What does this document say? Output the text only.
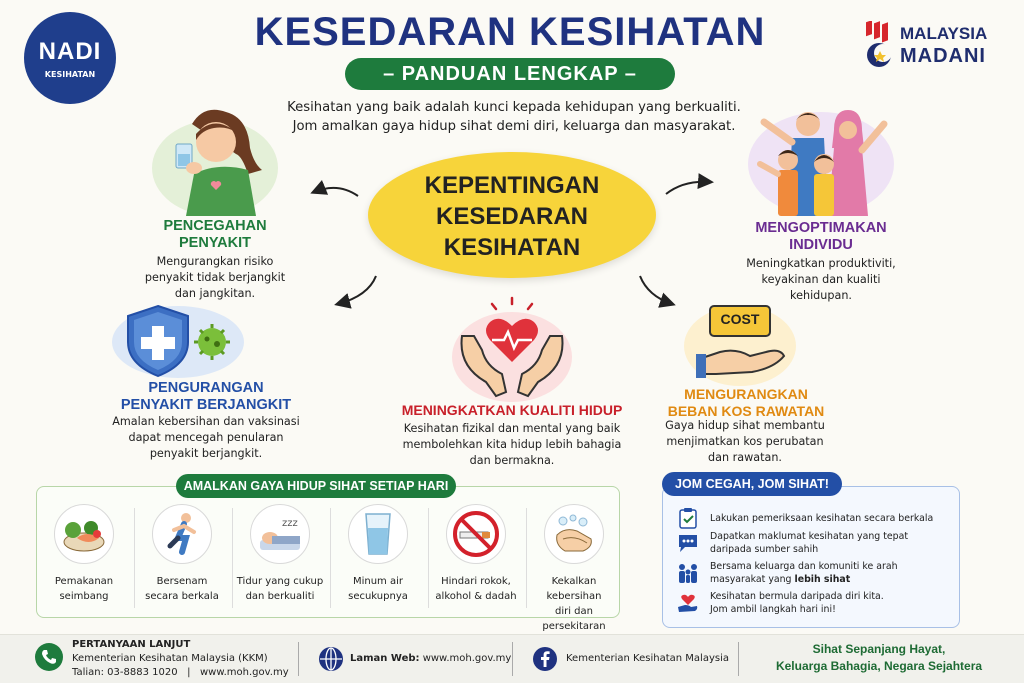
NADI
KESIHATAN
KESEDARAN KESIHATAN
– PANDUAN LENGKAP –
MALAYSIA
MADANI
Kesihatan yang baik adalah kunci kepada kehidupan yang berkualiti.
Jom amalkan gaya hidup sihat demi diri, keluarga dan masyarakat.
KEPENTINGAN
KESEDARAN
KESIHATAN
PENCEGAHAN
PENYAKIT
Mengurangkan risiko
penyakit tidak berjangkit
dan jangkitan.
PENGURANGAN
PENYAKIT BERJANGKIT
Amalan kebersihan dan vaksinasi
dapat mencegah penularan
penyakit berjangkit.
MENINGKATKAN KUALITI HIDUP
Kesihatan fizikal dan mental yang baik
membolehkan kita hidup lebih bahagia
dan bermakna.
MENGOPTIMAKAN
INDIVIDU
Meningkatkan produktiviti,
keyakinan dan kualiti
kehidupan.
COST
MENGURANGKAN
BEBAN KOS RAWATAN
Gaya hidup sihat membantu
menjimatkan kos perubatan
dan rawatan.
AMALKAN GAYA HIDUP SIHAT SETIAP HARI
Pemakanan
seimbang
Bersenam
secara berkala
zzz
Tidur yang cukup
dan berkualiti
Minum air
secukupnya
Hindari rokok,
alkohol & dadah
Kekalkan kebersihan
diri dan persekitaran
JOM CEGAH, JOM SIHAT!
Lakukan pemeriksaan kesihatan secara berkala
Dapatkan maklumat kesihatan yang tepat
daripada sumber sahih
Bersama keluarga dan komuniti ke arah
masyarakat yang lebih sihat
Kesihatan bermula daripada diri kita.
Jom ambil langkah hari ini!
PERTANYAAN LANJUT
Kementerian Kesihatan Malaysia (KKM)
Talian: 03-8883 1020   |   www.moh.gov.my
Laman Web: www.moh.gov.my	Kementerian Kesihatan Malaysia
Sihat Sepanjang Hayat,
Keluarga Bahagia, Negara Sejahtera
